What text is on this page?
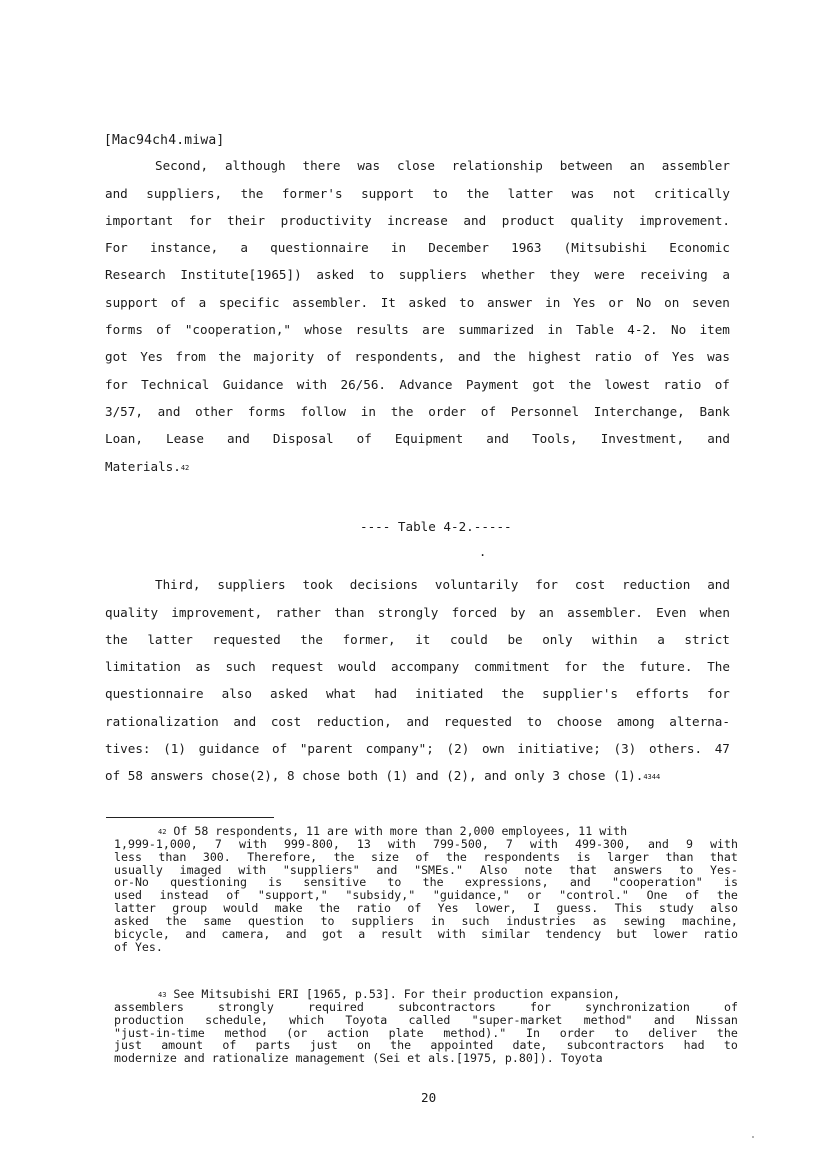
[Mac94ch4.miwa]
Second, although there was close relationship between an assembler
and suppliers, the former's support to the latter was not critically
important for their productivity increase and product quality improvement.
For instance, a questionnaire in December 1963 (Mitsubishi Economic
Research Institute[1965]) asked to suppliers whether they were receiving a
support of a specific assembler. It asked to answer in Yes or No on seven
forms of "cooperation," whose results are summarized in Table 4-2. No item
got Yes from the majority of respondents, and the highest ratio of Yes was
for Technical Guidance with 26/56. Advance Payment got the lowest ratio of
3/57, and other forms follow in the order of Personnel Interchange, Bank
Loan, Lease and Disposal of Equipment and Tools, Investment, and
Materials.$^{42}$
---- Table 4-2.-----
.
Third, suppliers took decisions voluntarily for cost reduction and
quality improvement, rather than strongly forced by an assembler. Even when
the latter requested the former, it could be only within a strict
limitation as such request would accompany commitment for the future. The
questionnaire also asked what had initiated the supplier's efforts for
rationalization and cost reduction, and requested to choose among alterna-
tives: (1) guidance of "parent company"; (2) own initiative; (3) others. 47
of 58 answers chose(2), 8 chose both (1) and (2), and only 3 chose (1).$^{4344}$
$^{42}$ Of 58 respondents, 11 are with more than 2,000 employees, 11 with
1,999-1,000, 7 with 999-800, 13 with 799-500, 7 with 499-300, and 9 with
less than 300. Therefore, the size of the respondents is larger than that
usually imaged with "suppliers" and "SMEs." Also note that answers to Yes-
or-No questioning is sensitive to the expressions, and "cooperation" is
used instead of "support," "subsidy," "guidance," or "control." One of the
latter group would make the ratio of Yes lower, I guess. This study also
asked the same question to suppliers in such industries as sewing machine,
bicycle, and camera, and got a result with similar tendency but lower ratio
of Yes.
$^{43}$ See Mitsubishi ERI [1965, p.53]. For their production expansion,
assemblers	strongly	required	subcontractors	for	synchronization	of
production schedule, which Toyota called "super-market method" and Nissan
"just-in-time method (or action plate method)." In order to deliver the
just amount of parts just on the appointed date, subcontractors had to
modernize and rationalize management (Sei et als.[1975, p.80]). Toyota
20
